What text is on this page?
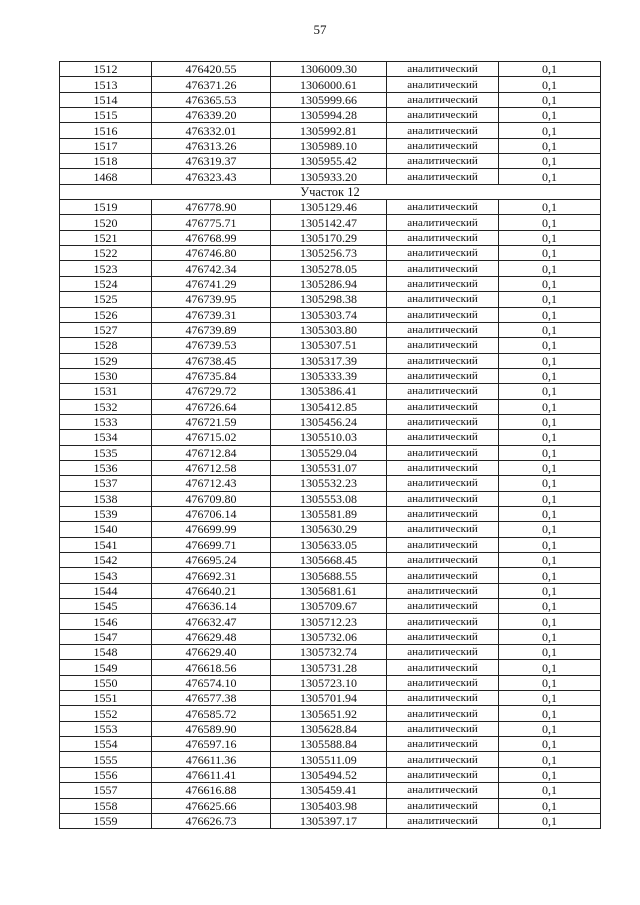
57
1512	476420.55	1306009.30	аналитический	0,1
1513	476371.26	1306000.61	аналитический	0,1
1514	476365.53	1305999.66	аналитический	0,1
1515	476339.20	1305994.28	аналитический	0,1
1516	476332.01	1305992.81	аналитический	0,1
1517	476313.26	1305989.10	аналитический	0,1
1518	476319.37	1305955.42	аналитический	0,1
1468	476323.43	1305933.20	аналитический	0,1
Участок 12				
1519	476778.90	1305129.46	аналитический	0,1
1520	476775.71	1305142.47	аналитический	0,1
1521	476768.99	1305170.29	аналитический	0,1
1522	476746.80	1305256.73	аналитический	0,1
1523	476742.34	1305278.05	аналитический	0,1
1524	476741.29	1305286.94	аналитический	0,1
1525	476739.95	1305298.38	аналитический	0,1
1526	476739.31	1305303.74	аналитический	0,1
1527	476739.89	1305303.80	аналитический	0,1
1528	476739.53	1305307.51	аналитический	0,1
1529	476738.45	1305317.39	аналитический	0,1
1530	476735.84	1305333.39	аналитический	0,1
1531	476729.72	1305386.41	аналитический	0,1
1532	476726.64	1305412.85	аналитический	0,1
1533	476721.59	1305456.24	аналитический	0,1
1534	476715.02	1305510.03	аналитический	0,1
1535	476712.84	1305529.04	аналитический	0,1
1536	476712.58	1305531.07	аналитический	0,1
1537	476712.43	1305532.23	аналитический	0,1
1538	476709.80	1305553.08	аналитический	0,1
1539	476706.14	1305581.89	аналитический	0,1
1540	476699.99	1305630.29	аналитический	0,1
1541	476699.71	1305633.05	аналитический	0,1
1542	476695.24	1305668.45	аналитический	0,1
1543	476692.31	1305688.55	аналитический	0,1
1544	476640.21	1305681.61	аналитический	0,1
1545	476636.14	1305709.67	аналитический	0,1
1546	476632.47	1305712.23	аналитический	0,1
1547	476629.48	1305732.06	аналитический	0,1
1548	476629.40	1305732.74	аналитический	0,1
1549	476618.56	1305731.28	аналитический	0,1
1550	476574.10	1305723.10	аналитический	0,1
1551	476577.38	1305701.94	аналитический	0,1
1552	476585.72	1305651.92	аналитический	0,1
1553	476589.90	1305628.84	аналитический	0,1
1554	476597.16	1305588.84	аналитический	0,1
1555	476611.36	1305511.09	аналитический	0,1
1556	476611.41	1305494.52	аналитический	0,1
1557	476616.88	1305459.41	аналитический	0,1
1558	476625.66	1305403.98	аналитический	0,1
1559	476626.73	1305397.17	аналитический	0,1
